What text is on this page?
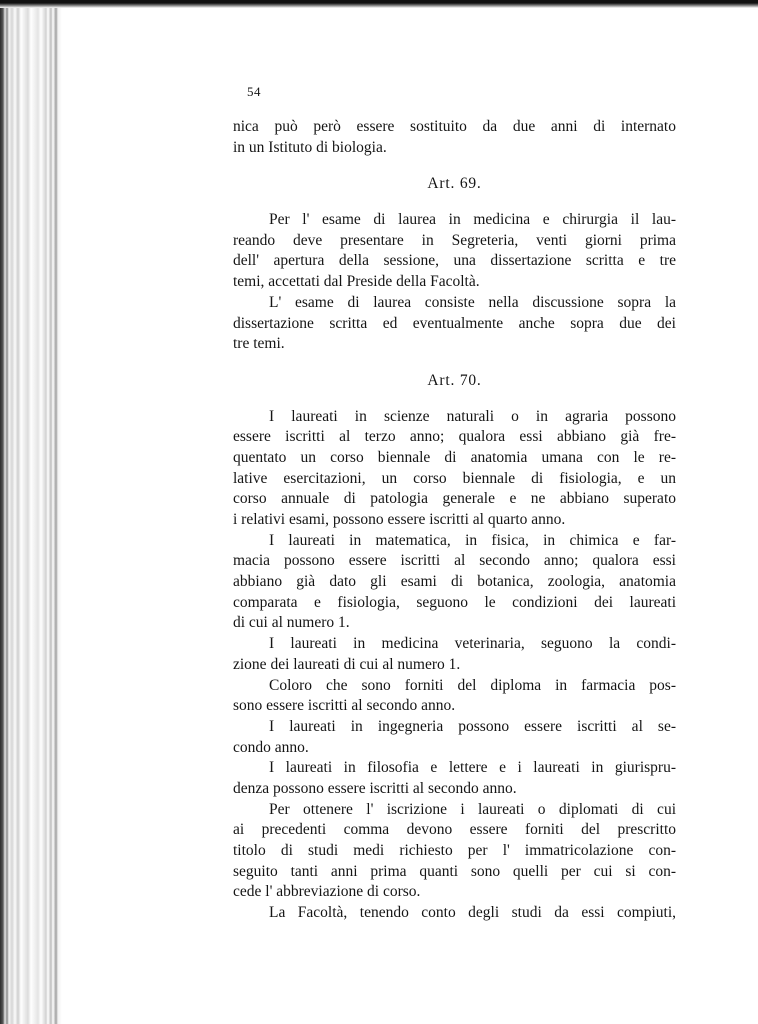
54
nica può però essere sostituito da due anni di internato
in un Istituto di biologia.
Art. 69.
Per l' esame di laurea in medicina e chirurgia il lau-
reando deve presentare in Segreteria, venti giorni prima
dell' apertura della sessione, una dissertazione scritta e tre
temi, accettati dal Preside della Facoltà.
L' esame di laurea consiste nella discussione sopra la
dissertazione scritta ed eventualmente anche sopra due dei
tre temi.
Art. 70.
I laureati in scienze naturali o in agraria possono
essere iscritti al terzo anno; qualora essi abbiano già fre-
quentato un corso biennale di anatomia umana con le re-
lative esercitazioni, un corso biennale di fisiologia, e un
corso annuale di patologia generale e ne abbiano superato
i relativi esami, possono essere iscritti al quarto anno.
I laureati in matematica, in fisica, in chimica e far-
macia possono essere iscritti al secondo anno; qualora essi
abbiano già dato gli esami di botanica, zoologia, anatomia
comparata e fisiologia, seguono le condizioni dei laureati
di cui al numero 1.
I laureati in medicina veterinaria, seguono la condi-
zione dei laureati di cui al numero 1.
Coloro che sono forniti del diploma in farmacia pos-
sono essere iscritti al secondo anno.
I laureati in ingegneria possono essere iscritti al se-
condo anno.
I laureati in filosofia e lettere e i laureati in giurispru-
denza possono essere iscritti al secondo anno.
Per ottenere l' iscrizione i laureati o diplomati di cui
ai precedenti comma devono essere forniti del prescritto
titolo di studi medi richiesto per l' immatricolazione con-
seguito tanti anni prima quanti sono quelli per cui si con-
cede l' abbreviazione di corso.
La Facoltà, tenendo conto degli studi da essi compiuti,
